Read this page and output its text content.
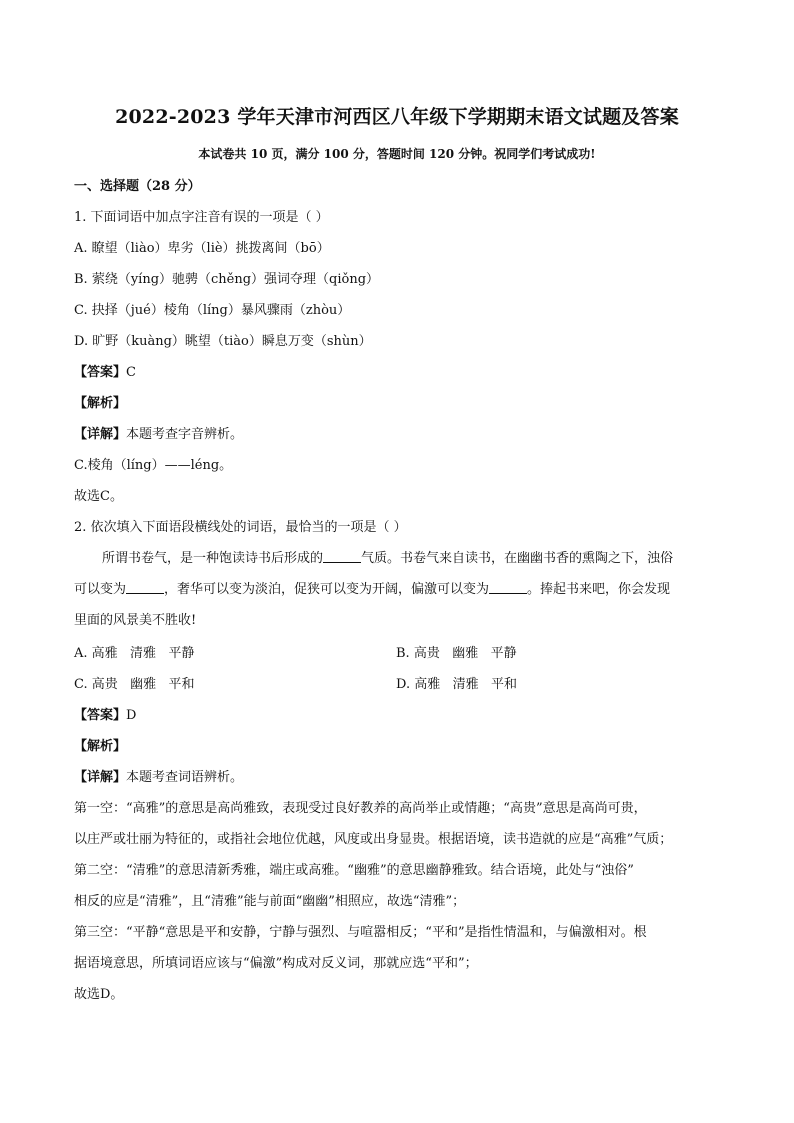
2022-2023 学年天津市河西区八年级下学期期末语文试题及答案
本试卷共 10 页，满分 100 分，答题时间 120 分钟。祝同学们考试成功!
一、选择题（28 分）
1. 下面词语中加点字注音有误的一项是（ ）
A. 瞭望（liào）卑劣（liè）挑拨离间（bō）
B. 萦绕（yíng）驰骋（chěng）强词夺理（qiǒng）
C. 抉择（jué）棱角（líng）暴风骤雨（zhòu）
D. 旷野（kuàng）眺望（tiào）瞬息万变（shùn）
【答案】C
【解析】
【详解】本题考查字音辨析。
C.棱角（líng）——léng。
故选C。
2. 依次填入下面语段横线处的词语，最恰当的一项是（ ）
所谓书卷气，是一种饱读诗书后形成的	气质。书卷气来自读书，在幽幽书香的熏陶之下，浊俗
可以变为	，奢华可以变为淡泊，促狭可以变为开阔，偏激可以变为	。捧起书来吧，你会发现
里面的风景美不胜收!
A. 高雅   清雅   平静	B. 高贵   幽雅   平静
C. 高贵   幽雅   平和	D. 高雅   清雅   平和
【答案】D
【解析】
【详解】本题考查词语辨析。
第一空：“高雅”的意思是高尚雅致，表现受过良好教养的高尚举止或情趣；“高贵”意思是高尚可贵，
以庄严或壮丽为特征的，或指社会地位优越，风度或出身显贵。根据语境，读书造就的应是“高雅”气质；
第二空：“清雅”的意思清新秀雅，端庄或高雅。“幽雅”的意思幽静雅致。结合语境，此处与“浊俗”
相反的应是“清雅”，且“清雅”能与前面“幽幽”相照应，故选“清雅”；
第三空：“平静“意思是平和安静，宁静与强烈、与喧嚣相反；“平和”是指性情温和，与偏激相对。根
据语境意思，所填词语应该与“偏激”构成对反义词，那就应选“平和”；
故选D。
